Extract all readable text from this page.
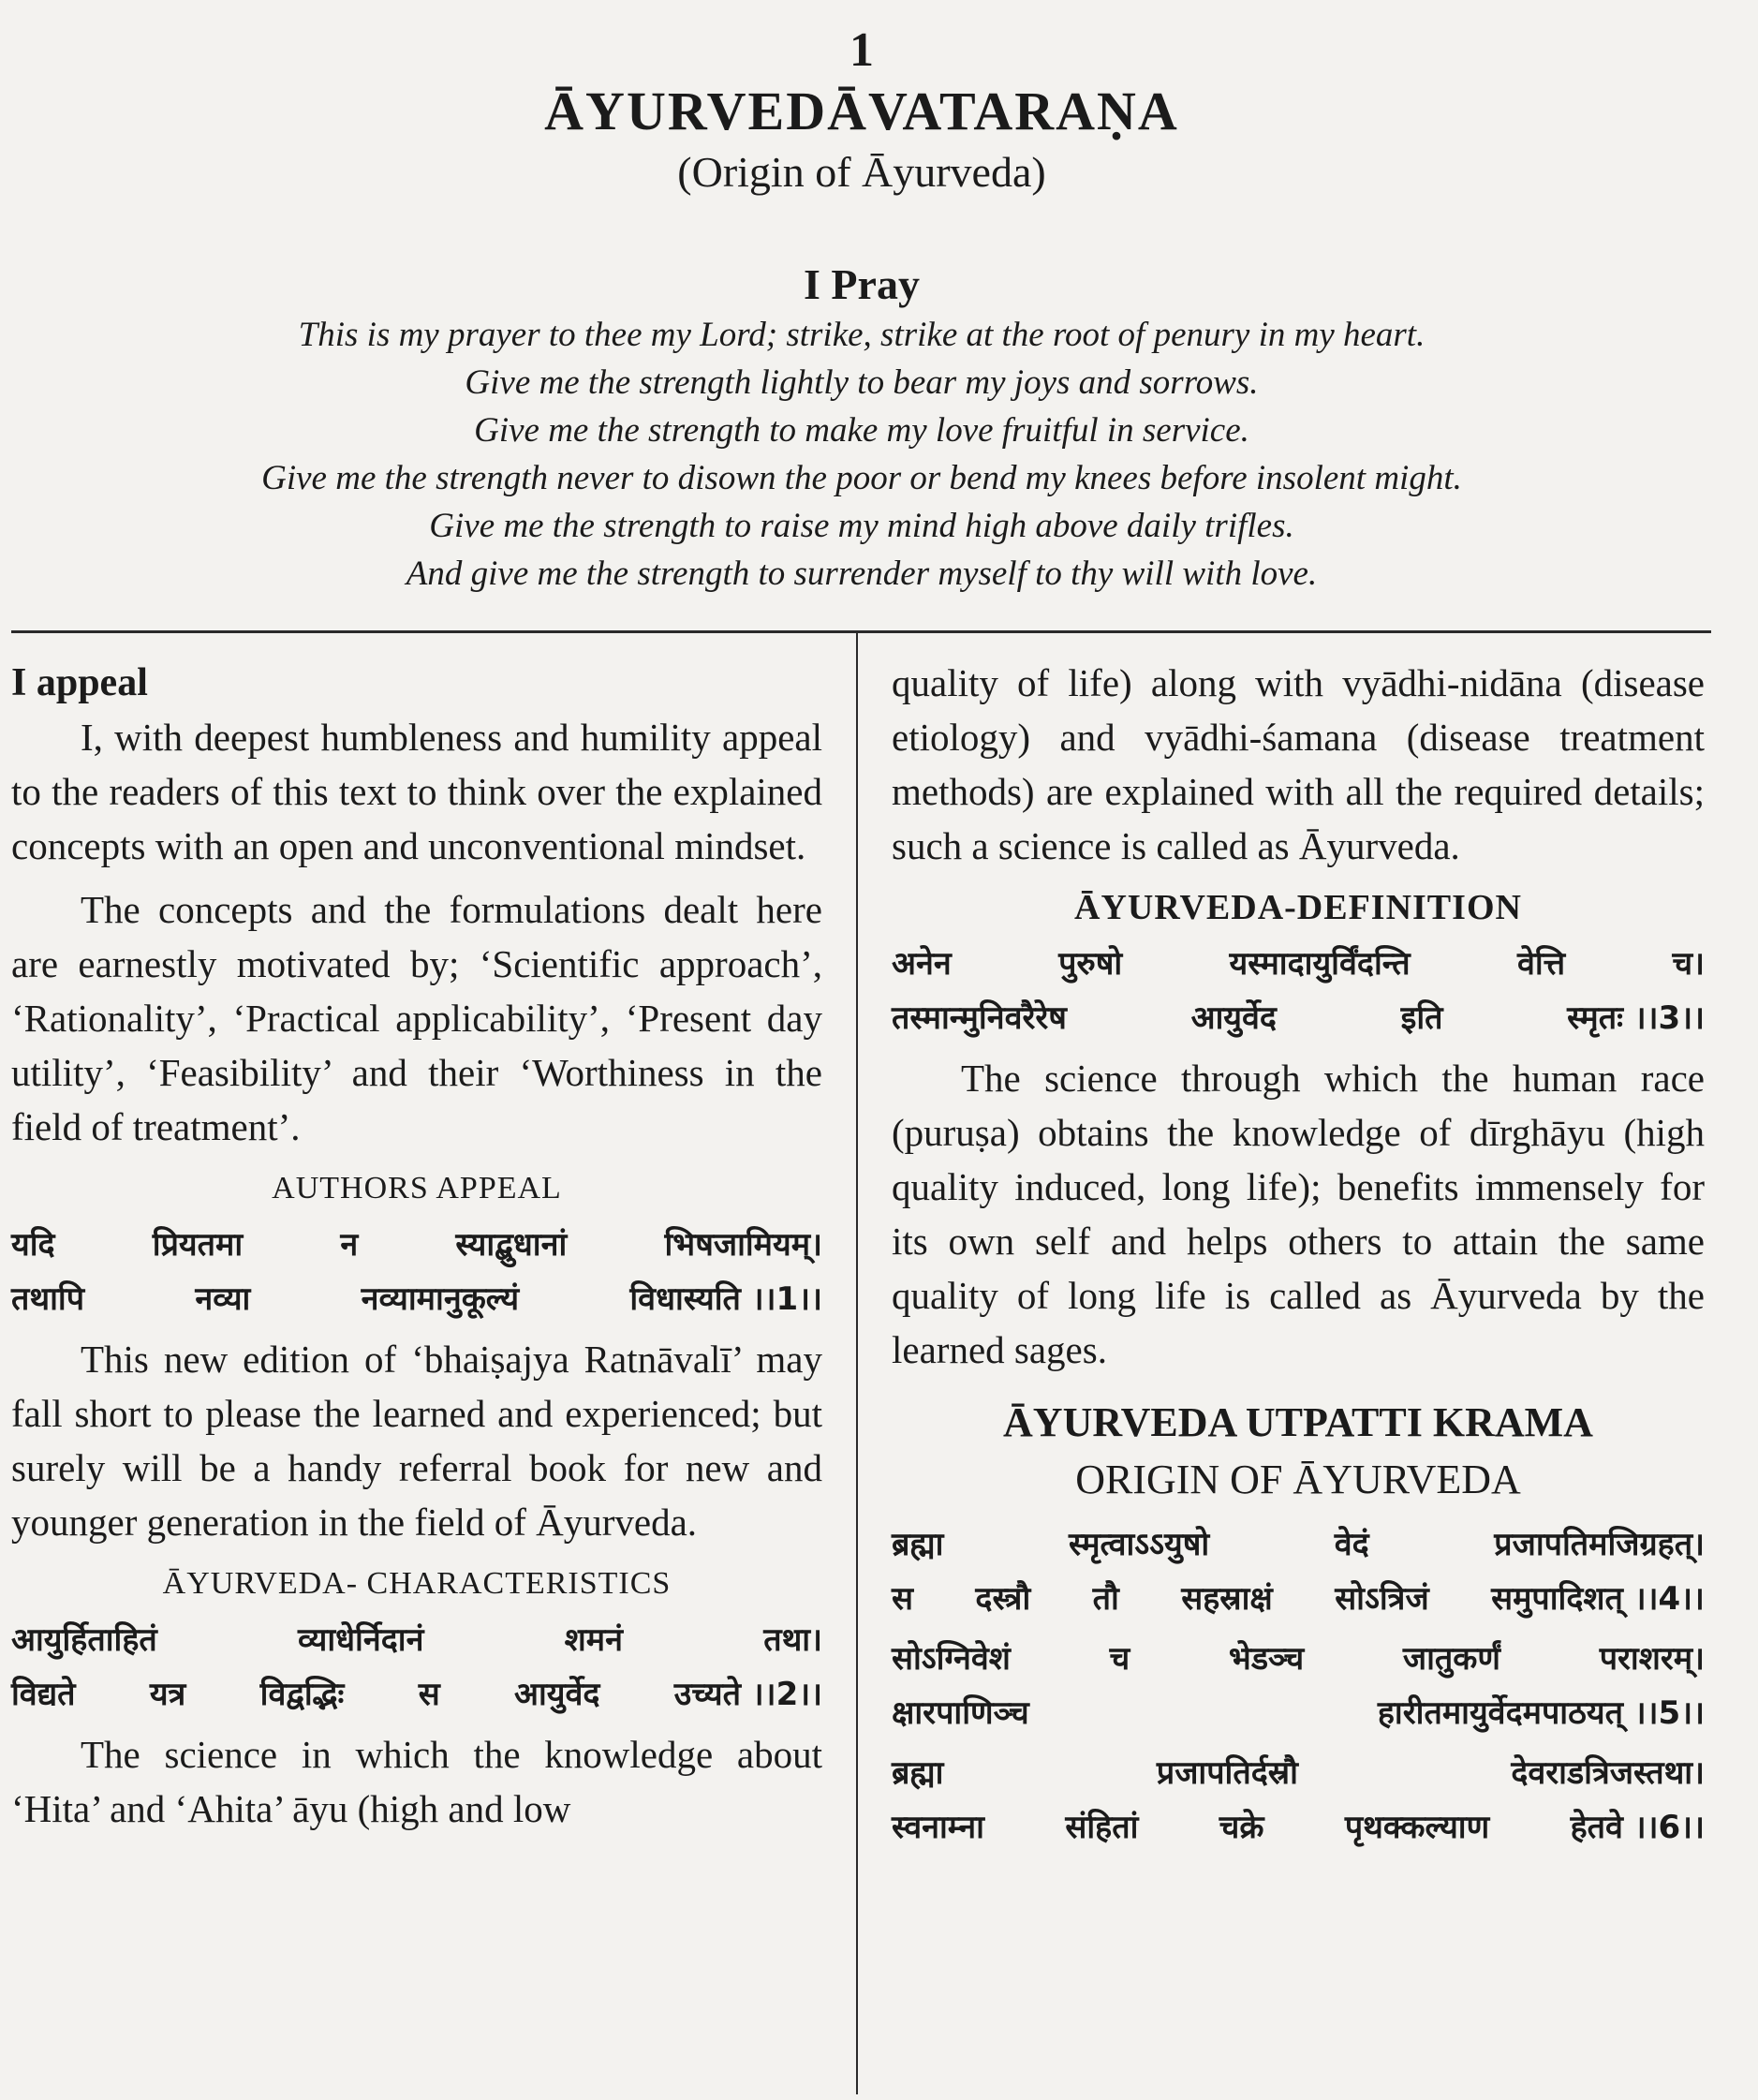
1
ĀYURVEDĀVATARAṆA
(Origin of Āyurveda)
I Pray
This is my prayer to thee my Lord; strike, strike at the root of penury in my heart.
Give me the strength lightly to bear my joys and sorrows.
Give me the strength to make my love fruitful in service.
Give me the strength never to disown the poor or bend my knees before insolent might.
Give me the strength to raise my mind high above daily trifles.
And give me the strength to surrender myself to thy will with love.
I appeal

I, with deepest humbleness and humility appeal to the readers of this text to think over the explained concepts with an open and unconventional mindset.

The concepts and the formulations dealt here are earnestly motivated by; ‘Scientific approach’, ‘Rationality’, ‘Practical applicability’, ‘Present day utility’, ‘Feasibility’ and their ‘Worthiness in the field of treatment’.

AUTHORS APPEAL
यदि	प्रियतमा	न	स्याद्बुधानां	भिषजामियम्।
तथापि	नव्या	नव्यामानुकूल्यं	विधास्यति ।।1।।

This new edition of ‘bhaiṣajya Ratnāvalī’ may fall short to please the learned and experienced; but surely will be a handy referral book for new and younger generation in the field of Āyurveda.

ĀYURVEDA- CHARACTERISTICS
आयुर्हिताहितं	व्याधेर्निदानं	शमनं	तथा।
विद्यते यत्र विद्वद्भिः स आयुर्वेद उच्यते ।।2।।

The science in which the knowledge about ‘Hita’ and ‘Ahita’ āyu (high and low

quality of life) along with vyādhi-nidāna (disease etiology) and vyādhi-śamana (disease treatment methods) are explained with all the required details; such a science is called as Āyurveda.

ĀYURVEDA-DEFINITION
अनेन	पुरुषो	यस्मादायुर्विंदन्ति	वेत्ति	च।
तस्मान्मुनिवरैरेष	आयुर्वेद	इति	स्मृतः ।।3।।

The science through which the human race (puruṣa) obtains the knowledge of dīrghāyu (high quality induced, long life); benefits immensely for its own self and helps others to attain the same quality of long life is called as Āyurveda by the learned sages.

ĀYURVEDA UTPATTI KRAMA
ORIGIN OF ĀYURVEDA
ब्रह्मा	स्मृत्वाऽऽयुषो	वेदं	प्रजापतिमजिग्रहत्।
स दस्त्रौ तौ सहस्राक्षं सोऽत्रिजं समुपादिशत् ।।4।।
सोऽग्निवेशं	च	भेडञ्च	जातुकर्णं	पराशरम्।
क्षारपाणिञ्च	हारीतमायुर्वेदमपाठयत् ।।5।।
ब्रह्मा	प्रजापतिर्दस्रौ	देवराडत्रिजस्तथा।
स्वनाम्ना	संहितां	चक्रे	पृथक्कल्याण	हेतवे ।।6।।
